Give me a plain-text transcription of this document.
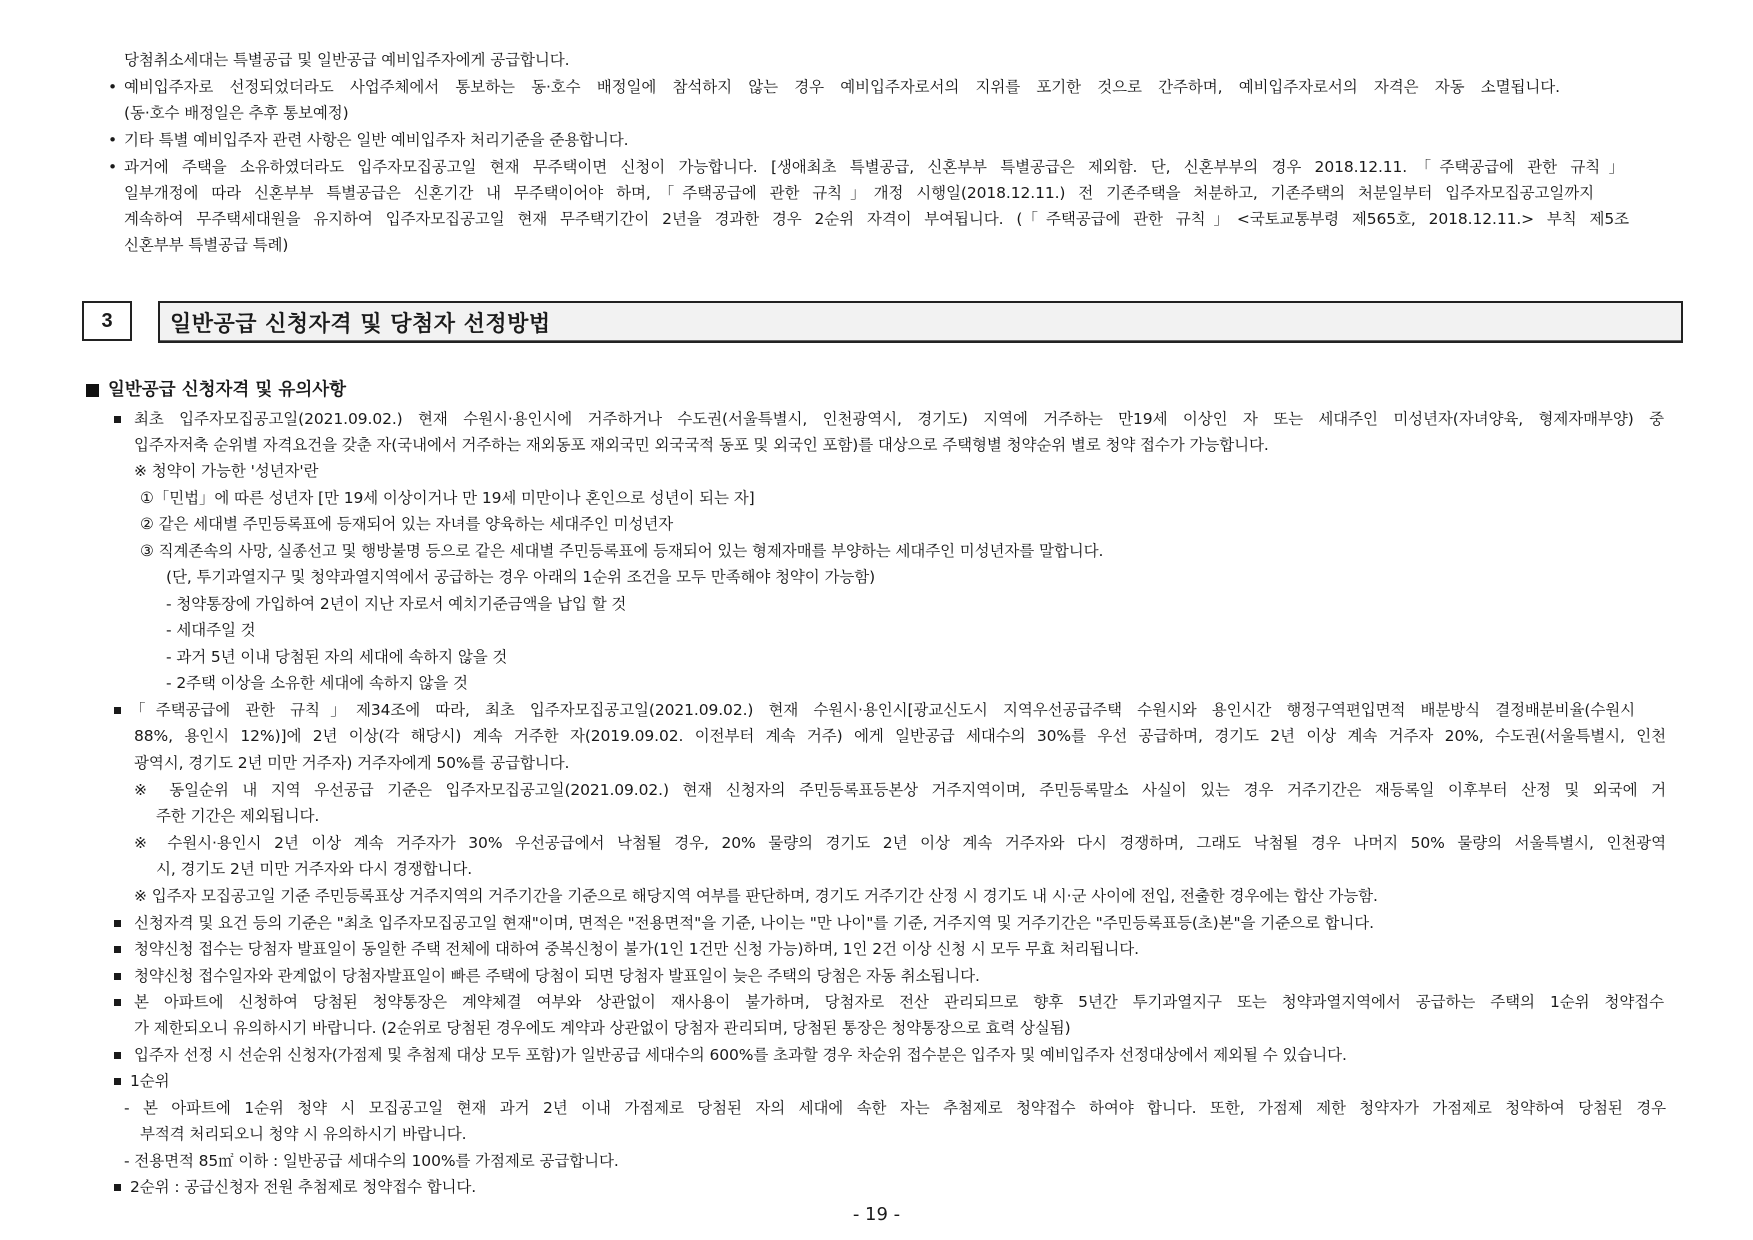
당첨취소세대는 특별공급 및 일반공급 예비입주자에게 공급합니다.
• 예비입주자로 선정되었더라도 사업주체에서 통보하는 동·호수 배정일에 참석하지 않는 경우 예비입주자로서의 지위를 포기한 것으로 간주하며, 예비입주자로서의 자격은 자동 소멸됩니다.
(동·호수 배정일은 추후 통보예정)
• 기타 특별 예비입주자 관련 사항은 일반 예비입주자 처리기준을 준용합니다.
• 과거에 주택을 소유하였더라도 입주자모집공고일 현재 무주택이면 신청이 가능합니다. [생애최초 특별공급, 신혼부부 특별공급은 제외함. 단, 신혼부부의 경우 2018.12.11.「주택공급에 관한 규칙」
일부개정에 따라 신혼부부 특별공급은 신혼기간 내 무주택이어야 하며,「주택공급에 관한 규칙」개정 시행일(2018.12.11.) 전 기존주택을 처분하고, 기존주택의 처분일부터 입주자모집공고일까지
계속하여 무주택세대원을 유지하여 입주자모집공고일 현재 무주택기간이 2년을 경과한 경우 2순위 자격이 부여됩니다. (「주택공급에 관한 규칙」<국토교통부령 제565호, 2018.12.11.> 부칙 제5조
신혼부부 특별공급 특례)
3	일반공급 신청자격 및 당첨자 선정방법
일반공급 신청자격 및 유의사항
최초 입주자모집공고일(2021.09.02.) 현재 수원시·용인시에 거주하거나 수도권(서울특별시, 인천광역시, 경기도) 지역에 거주하는 만19세 이상인 자 또는 세대주인 미성년자(자녀양육, 형제자매부양) 중
입주자저축 순위별 자격요건을 갖춘 자(국내에서 거주하는 재외동포 재외국민 외국국적 동포 및 외국인 포함)를 대상으로 주택형별 청약순위 별로 청약 접수가 가능합니다.
※ 청약이 가능한 '성년자'란
①「민법」에 따른 성년자 [만 19세 이상이거나 만 19세 미만이나 혼인으로 성년이 되는 자]
② 같은 세대별 주민등록표에 등재되어 있는 자녀를 양육하는 세대주인 미성년자
③ 직계존속의 사망, 실종선고 및 행방불명 등으로 같은 세대별 주민등록표에 등재되어 있는 형제자매를 부양하는 세대주인 미성년자를 말합니다.
(단, 투기과열지구 및 청약과열지역에서 공급하는 경우 아래의 1순위 조건을 모두 만족해야 청약이 가능함)
- 청약통장에 가입하여 2년이 지난 자로서 예치기준금액을 납입 할 것
- 세대주일 것
- 과거 5년 이내 당첨된 자의 세대에 속하지 않을 것
- 2주택 이상을 소유한 세대에 속하지 않을 것
「주택공급에 관한 규칙」제34조에 따라, 최초 입주자모집공고일(2021.09.02.) 현재 수원시·용인시[광교신도시 지역우선공급주택 수원시와 용인시간 행정구역편입면적 배분방식 결정배분비율(수원시
88%, 용인시 12%)]에 2년 이상(각 해당시) 계속 거주한 자(2019.09.02. 이전부터 계속 거주) 에게 일반공급 세대수의 30%를 우선 공급하며, 경기도 2년 이상 계속 거주자 20%, 수도권(서울특별시, 인천
광역시, 경기도 2년 미만 거주자) 거주자에게 50%를 공급합니다.
※ 동일순위 내 지역 우선공급 기준은 입주자모집공고일(2021.09.02.) 현재 신청자의 주민등록표등본상 거주지역이며, 주민등록말소 사실이 있는 경우 거주기간은 재등록일 이후부터 산정 및 외국에 거
주한 기간은 제외됩니다.
※ 수원시·용인시 2년 이상 계속 거주자가 30% 우선공급에서 낙첨될 경우, 20% 물량의 경기도 2년 이상 계속 거주자와 다시 경쟁하며, 그래도 낙첨될 경우 나머지 50% 물량의 서울특별시, 인천광역
시, 경기도 2년 미만 거주자와 다시 경쟁합니다.
※ 입주자 모집공고일 기준 주민등록표상 거주지역의 거주기간을 기준으로 해당지역 여부를 판단하며, 경기도 거주기간 산정 시 경기도 내 시·군 사이에 전입, 전출한 경우에는 합산 가능함.
신청자격 및 요건 등의 기준은 "최초 입주자모집공고일 현재"이며, 면적은 "전용면적"을 기준, 나이는 "만 나이"를 기준, 거주지역 및 거주기간은 "주민등록표등(초)본"을 기준으로 합니다.
청약신청 접수는 당첨자 발표일이 동일한 주택 전체에 대하여 중복신청이 불가(1인 1건만 신청 가능)하며, 1인 2건 이상 신청 시 모두 무효 처리됩니다.
청약신청 접수일자와 관계없이 당첨자발표일이 빠른 주택에 당첨이 되면 당첨자 발표일이 늦은 주택의 당첨은 자동 취소됩니다.
본 아파트에 신청하여 당첨된 청약통장은 계약체결 여부와 상관없이 재사용이 불가하며, 당첨자로 전산 관리되므로 향후 5년간 투기과열지구 또는 청약과열지역에서 공급하는 주택의 1순위 청약접수
가 제한되오니 유의하시기 바랍니다. (2순위로 당첨된 경우에도 계약과 상관없이 당첨자 관리되며, 당첨된 통장은 청약통장으로 효력 상실됨)
입주자 선정 시 선순위 신청자(가점제 및 추첨제 대상 모두 포함)가 일반공급 세대수의 600%를 초과할 경우 차순위 접수분은 입주자 및 예비입주자 선정대상에서 제외될 수 있습니다.
1순위
- 본 아파트에 1순위 청약 시 모집공고일 현재 과거 2년 이내 가점제로 당첨된 자의 세대에 속한 자는 추첨제로 청약접수 하여야 합니다. 또한, 가점제 제한 청약자가 가점제로 청약하여 당첨된 경우
부적격 처리되오니 청약 시 유의하시기 바랍니다.
- 전용면적 85㎡ 이하 : 일반공급 세대수의 100%를 가점제로 공급합니다.
2순위 : 공급신청자 전원 추첨제로 청약접수 합니다.
- 19 -
